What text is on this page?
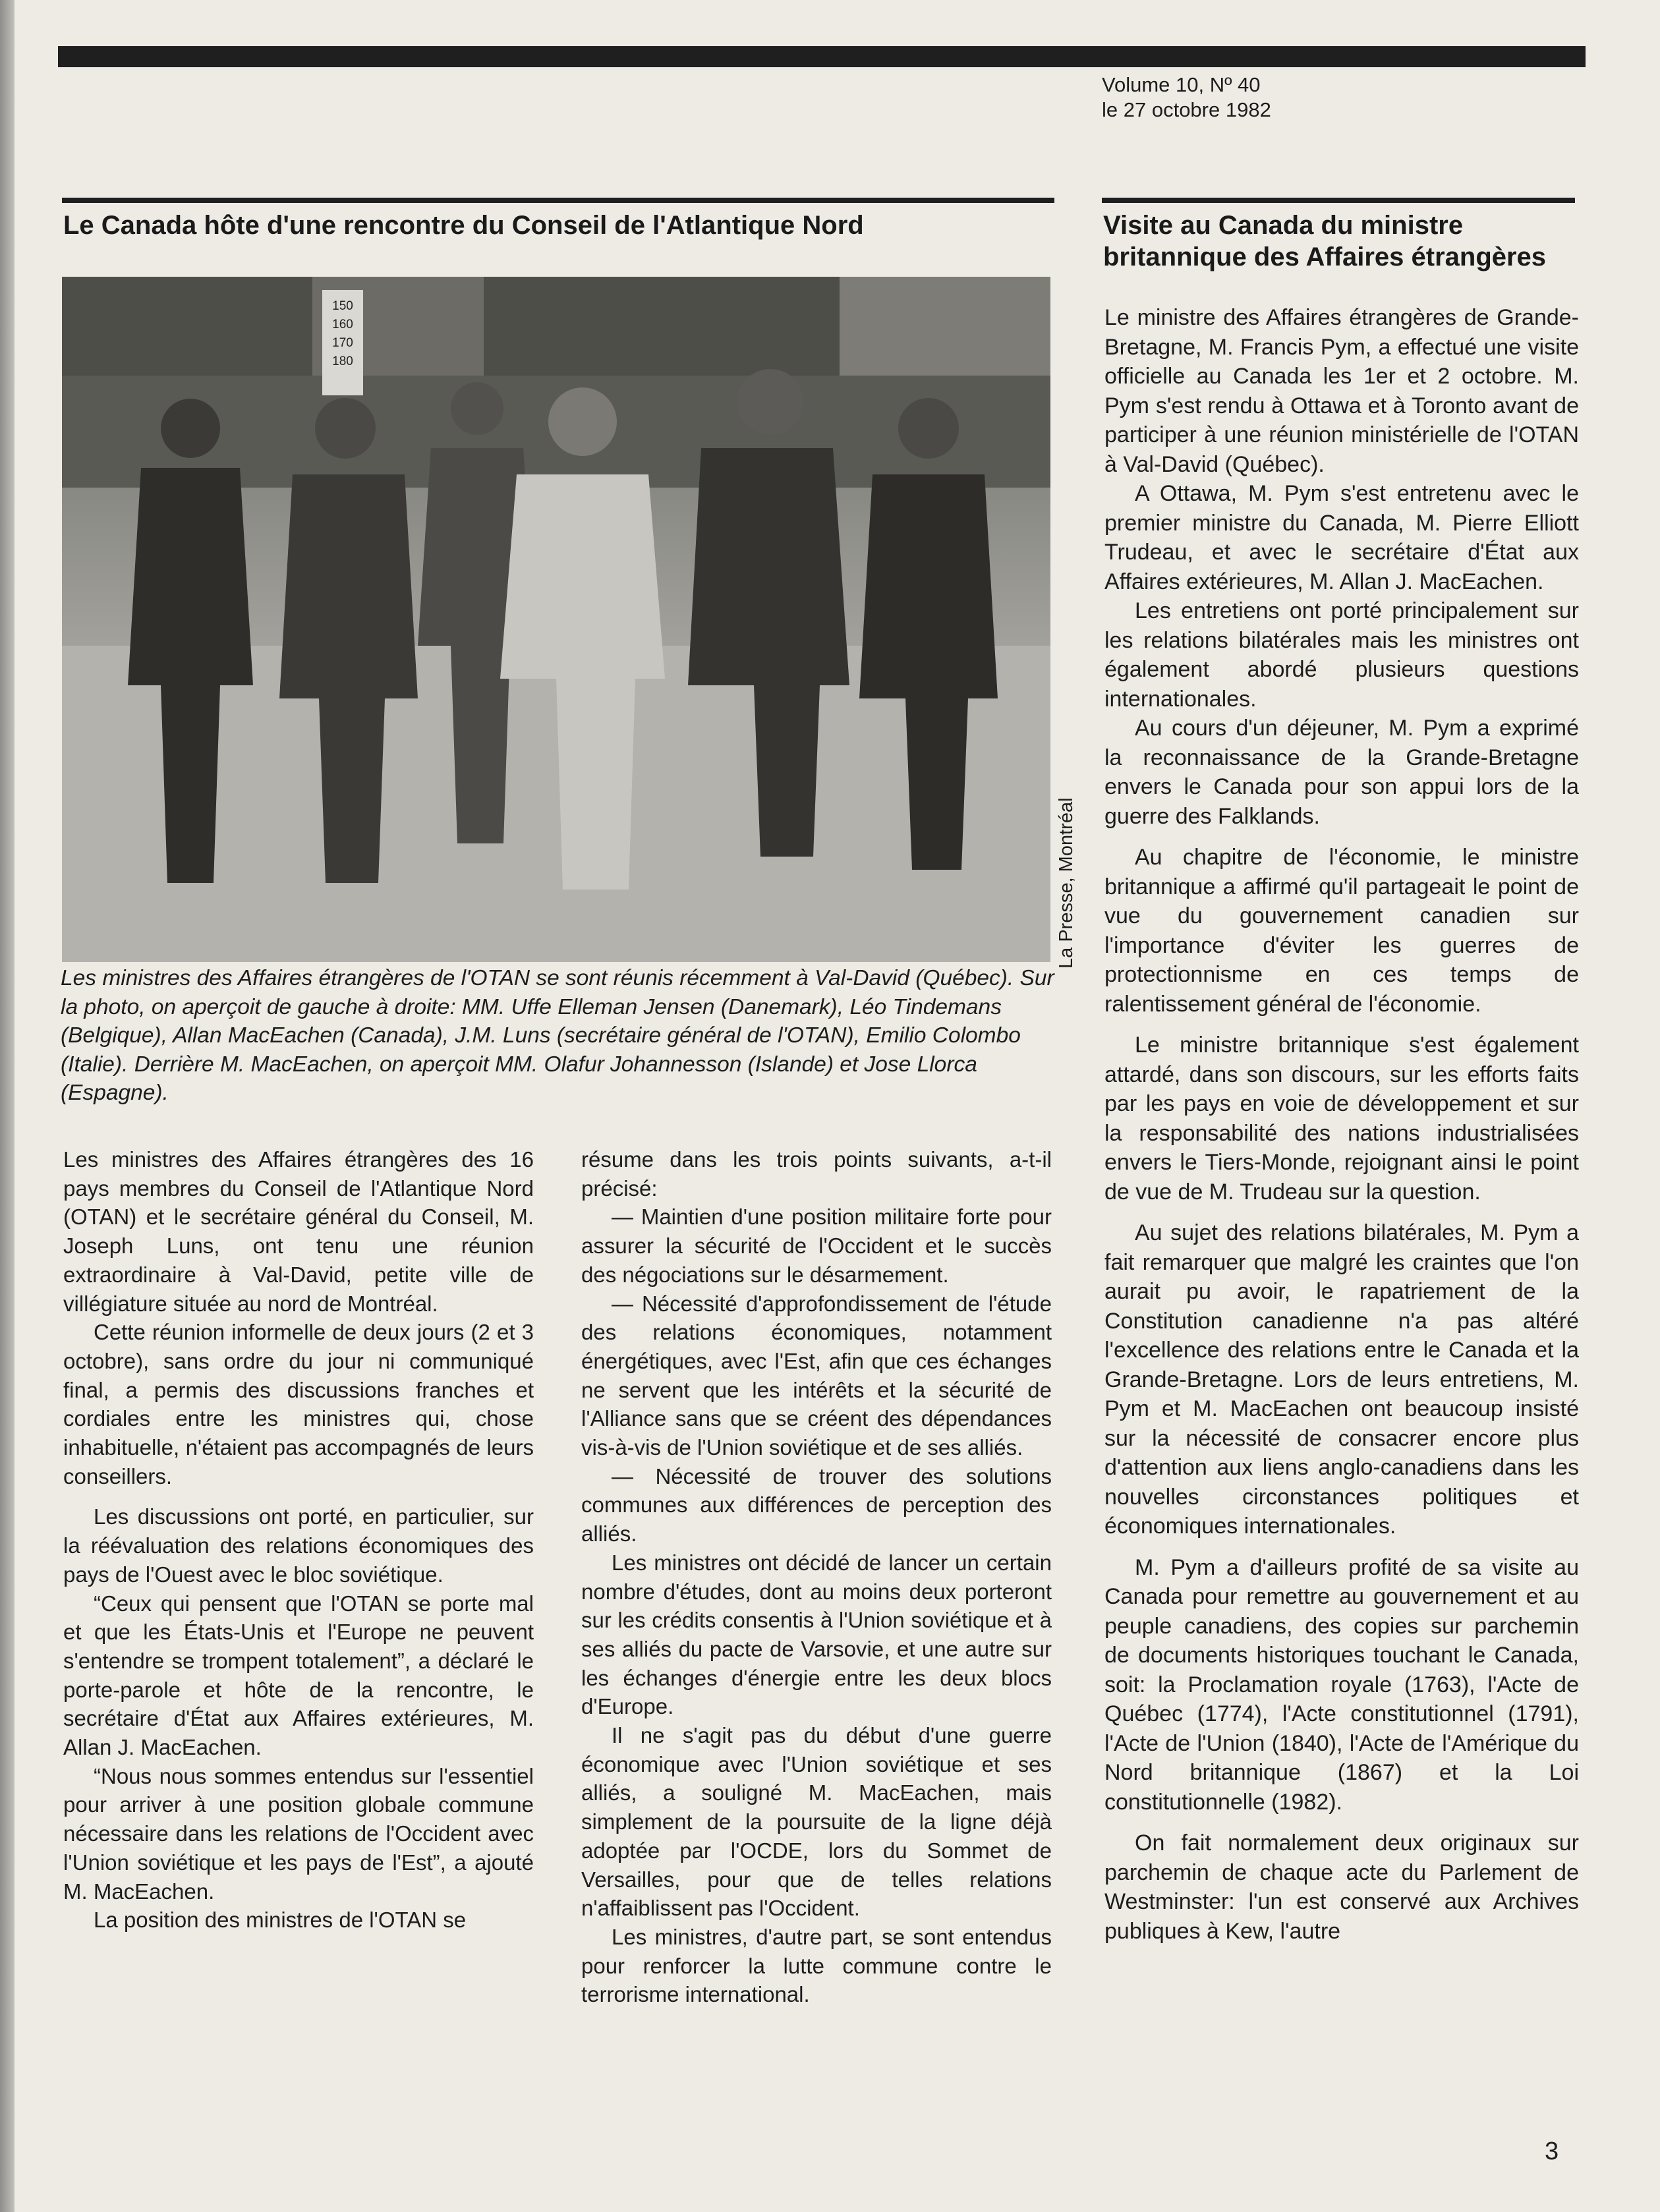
Volume 10, Nº 40
le 27 octobre 1982
Le Canada hôte d'une rencontre du Conseil de l'Atlantique Nord
150
160
170
180
La Presse, Montréal
Les ministres des Affaires étrangères de l'OTAN se sont réunis récemment à Val-David (Québec). Sur la photo, on aperçoit de gauche à droite: MM. Uffe Elleman Jensen (Danemark), Léo Tindemans (Belgique), Allan MacEachen (Canada), J.M. Luns (secrétaire général de l'OTAN), Emilio Colombo (Italie). Derrière M. MacEachen, on aperçoit MM. Olafur Johannesson (Islande) et Jose Llorca (Espagne).

Les ministres des Affaires étrangères des 16 pays membres du Conseil de l'Atlantique Nord (OTAN) et le secrétaire général du Conseil, M. Joseph Luns, ont tenu une réunion extraordinaire à Val-David, petite ville de villégiature située au nord de Montréal.

Cette réunion informelle de deux jours (2 et 3 octobre), sans ordre du jour ni communiqué final, a permis des discussions franches et cordiales entre les ministres qui, chose inhabituelle, n'étaient pas accompagnés de leurs conseillers.

Les discussions ont porté, en particulier, sur la réévaluation des relations économiques des pays de l'Ouest avec le bloc soviétique.

“Ceux qui pensent que l'OTAN se porte mal et que les États-Unis et l'Europe ne peuvent s'entendre se trompent totalement”, a déclaré le porte-parole et hôte de la rencontre, le secrétaire d'État aux Affaires extérieures, M. Allan J. MacEachen.

“Nous nous sommes entendus sur l'essentiel pour arriver à une position globale commune nécessaire dans les relations de l'Occident avec l'Union soviétique et les pays de l'Est”, a ajouté M. MacEachen.

La position des ministres de l'OTAN se

résume dans les trois points suivants, a-t-il précisé:

— Maintien d'une position militaire forte pour assurer la sécurité de l'Occident et le succès des négociations sur le désarmement.

— Nécessité d'approfondissement de l'étude des relations économiques, notamment énergétiques, avec l'Est, afin que ces échanges ne servent que les intérêts et la sécurité de l'Alliance sans que se créent des dépendances vis-à-vis de l'Union soviétique et de ses alliés.

— Nécessité de trouver des solutions communes aux différences de perception des alliés.

Les ministres ont décidé de lancer un certain nombre d'études, dont au moins deux porteront sur les crédits consentis à l'Union soviétique et à ses alliés du pacte de Varsovie, et une autre sur les échanges d'énergie entre les deux blocs d'Europe.

Il ne s'agit pas du début d'une guerre économique avec l'Union soviétique et ses alliés, a souligné M. MacEachen, mais simplement de la poursuite de la ligne déjà adoptée par l'OCDE, lors du Sommet de Versailles, pour que de telles relations n'affaiblissent pas l'Occident.

Les ministres, d'autre part, se sont entendus pour renforcer la lutte commune contre le terrorisme international.

Visite au Canada du ministre britannique des Affaires étrangères

Le ministre des Affaires étrangères de Grande-Bretagne, M. Francis Pym, a effectué une visite officielle au Canada les 1er et 2 octobre. M. Pym s'est rendu à Ottawa et à Toronto avant de participer à une réunion ministérielle de l'OTAN à Val-David (Québec).

A Ottawa, M. Pym s'est entretenu avec le premier ministre du Canada, M. Pierre Elliott Trudeau, et avec le secrétaire d'État aux Affaires extérieures, M. Allan J. MacEachen.

Les entretiens ont porté principalement sur les relations bilatérales mais les ministres ont également abordé plusieurs questions internationales.

Au cours d'un déjeuner, M. Pym a exprimé la reconnaissance de la Grande-Bretagne envers le Canada pour son appui lors de la guerre des Falklands.

Au chapitre de l'économie, le ministre britannique a affirmé qu'il partageait le point de vue du gouvernement canadien sur l'importance d'éviter les guerres de protectionnisme en ces temps de ralentissement général de l'économie.

Le ministre britannique s'est également attardé, dans son discours, sur les efforts faits par les pays en voie de développement et sur la responsabilité des nations industrialisées envers le Tiers-Monde, rejoignant ainsi le point de vue de M. Trudeau sur la question.

Au sujet des relations bilatérales, M. Pym a fait remarquer que malgré les craintes que l'on aurait pu avoir, le rapatriement de la Constitution canadienne n'a pas altéré l'excellence des relations entre le Canada et la Grande-Bretagne. Lors de leurs entretiens, M. Pym et M. MacEachen ont beaucoup insisté sur la nécessité de consacrer encore plus d'attention aux liens anglo-canadiens dans les nouvelles circonstances politiques et économiques internationales.

M. Pym a d'ailleurs profité de sa visite au Canada pour remettre au gouvernement et au peuple canadiens, des copies sur parchemin de documents historiques touchant le Canada, soit: la Proclamation royale (1763), l'Acte de Québec (1774), l'Acte constitutionnel (1791), l'Acte de l'Union (1840), l'Acte de l'Amérique du Nord britannique (1867) et la Loi constitutionnelle (1982).

On fait normalement deux originaux sur parchemin de chaque acte du Parlement de Westminster: l'un est conservé aux Archives publiques à Kew, l'autre

3
